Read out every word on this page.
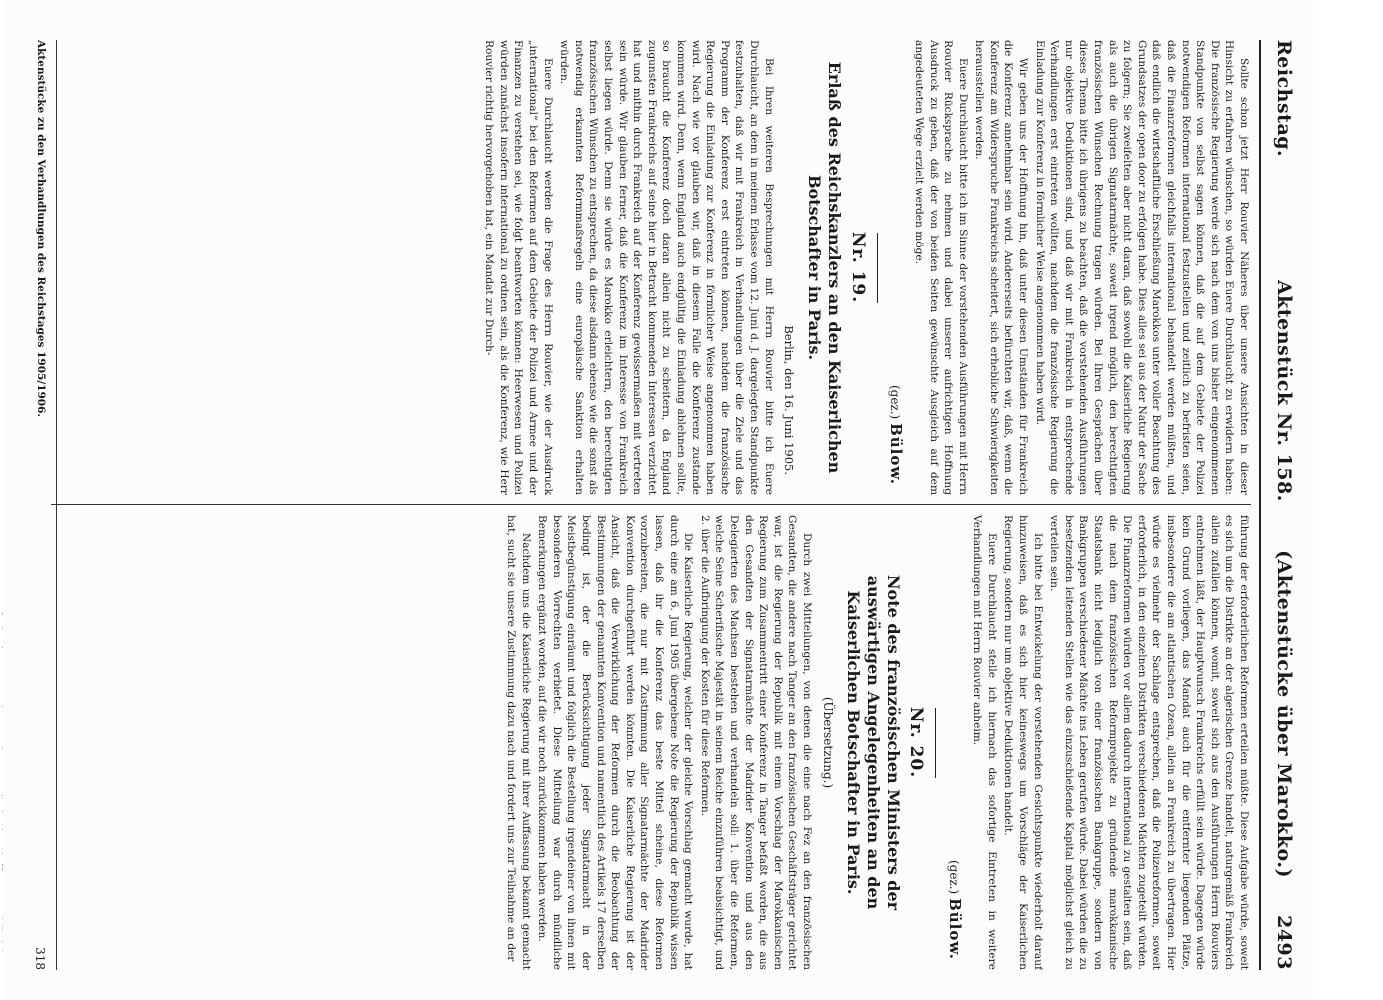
Reichstag.
Aktenstück Nr. 158.
(Aktenstücke über Marokko.) 2493

Sollte schon jetzt Herr Rouvier Näheres über unsere Ansichten in dieser Hinsicht zu erfahren wünschen, so würden Euere Durchlaucht zu erwidern haben: Die französische Regierung werde sich nach dem von uns bisher eingenommenen Standpunkte von selbst sagen können, daß die auf dem Gebiete der Polizei notwendigen Reformen international festzustellen und zeitlich zu befristen seien, daß die Finanzreformen gleichfalls international behandelt werden müßten, und daß endlich die wirtschaftliche Erschließung Marokkos unter voller Beachtung des Grundsatzes der open door zu erfolgen habe. Dies alles sei aus der Natur der Sache zu folgern; Sie zweifelten aber nicht daran, daß sowohl die Kaiserliche Regierung als auch die übrigen Signatarmächte, soweit irgend möglich, den berechtigten französischen Wünschen Rechnung tragen würden. Bei Ihren Gesprächen über dieses Thema bitte ich übrigens zu beachten, daß die vorstehenden Ausführungen nur objektive Deduktionen sind, und daß wir mit Frankreich in entsprechende Verhandlungen erst eintreten wollten, nachdem die französische Regierung die Einladung zur Konferenz in förmlicher Weise angenommen haben wird.

Wir geben uns der Hoffnung hin, daß unter diesen Umständen für Frankreich die Konferenz annehmbar sein wird. Andererseits befürchten wir, daß, wenn die Konferenz am Widerspruche Frankreichs scheitert, sich erhebliche Schwierigkeiten herausstellen werden.

Euere Durchlaucht bitte ich im Sinne der vorstehenden Ausführungen mit Herrn Rouvier Rücksprache zu nehmen und dabei unserer aufrichtigen Hoffnung Ausdruck zu geben, daß der von beiden Seiten gewünschte Ausgleich auf dem angedeuteten Wege erzielt werden möge.

(gez.) Bülow.
Nr. 19.
Erlaß des Reichskanzlers an den Kaiserlichen Botschafter in Paris.
Berlin, den 16. Juni 1905.

Bei Ihren weiteren Besprechungen mit Herrn Rouvier bitte ich Euere Durchlaucht, an dem in meinem Erlasse vom 12. Juni d. J. dargelegten Standpunkte festzuhalten, daß wir mit Frankreich in Verhandlungen über die Ziele und das Programm der Konferenz erst eintreten können, nachdem die französische Regierung die Einladung zur Konferenz in förmlicher Weise angenommen haben wird. Nach wie vor glauben wir, daß in diesem Falle die Konferenz zustande kommen wird. Denn, wenn England auch endgültig die Einladung ablehnen sollte, so braucht die Konferenz doch daran allein nicht zu scheitern, da England zugunsten Frankreichs auf seine hier in Betracht kommenden Interessen verzichtet hat und mithin durch Frankreich auf der Konferenz gewissermaßen mit vertreten sein würde. Wir glauben ferner, daß die Konferenz im Interesse von Frankreich selbst liegen würde. Denn sie würde es Marokko erleichtern, den berechtigten französischen Wünschen zu entsprechen, da diese alsdann ebenso wie die sonst als notwendig erkannten Reformmaßregeln eine europäische Sanktion erhalten würden.

Euere Durchlaucht werden die Frage des Herrn Rouvier, wie der Ausdruck „international“ bei den Reformen auf dem Gebiete der Polizei und Armee und der Finanzen zu verstehen sei, wie folgt beantworten können: Heerwesen und Polizei würden zunächst insofern international zu ordnen sein, als die Konferenz, wie Herr Rouvier richtig hervorgehoben hat, ein Mandat zur Durch-

führung der erforderlichen Reformen erteilen müßte. Diese Aufgabe würde, soweit es sich um die Distrikte an der algerischen Grenze handelt, naturgemäß Frankreich allein zufallen können, womit, soweit sich aus den Ausführungen Herrn Rouviers entnehmen läßt, der Hauptwunsch Frankreichs erfüllt sein würde. Dagegen würde kein Grund vorliegen, das Mandat auch für die entfernter liegenden Plätze, insbesondere die am atlantischen Ozean, allein an Frankreich zu übertragen. Hier würde es vielmehr der Sachlage entsprechen, daß die Polizeireformen, soweit erforderlich, in den einzelnen Distrikten verschiedenen Mächten zugeteilt würden. Die Finanzreformen würden vor allem dadurch international zu gestalten sein, daß die nach dem französischen Reformprojekte zu gründende marokkanische Staatsbank nicht lediglich von einer französischen Bankgruppe, sondern von Bankgruppen verschiedener Mächte ins Leben gerufen würde. Dabei würden die zu besetzenden leitenden Stellen wie das einzuschießende Kapital möglichst gleich zu verteilen sein.

Ich bitte bei Entwickelung der vorstehenden Gesichtspunkte wiederholt darauf hinzuweisen, daß es sich hier keineswegs um Vorschläge der Kaiserlichen Regierung, sondern nur um objektive Deduktionen handelt.

Euere Durchlaucht stelle ich hiernach das sofortige Eintreten in weitere Verhandlungen mit Herrn Rouvier anheim.

(gez.) Bülow.
Nr. 20.
Note des französischen Ministers der auswärtigen Angelegenheiten an den Kaiserlichen Botschafter in Paris.
(Übersetzung.)

Durch zwei Mitteilungen, von denen die eine nach Fez an den französischen Gesandten, die andere nach Tanger an den französischen Geschäftsträger gerichtet war, ist die Regierung der Republik mit einem Vorschlag der Marokkanischen Regierung zum Zusammentritt einer Konferenz in Tanger befaßt worden, die aus den Gesandten der Signatarmächte der Madrider Konvention und aus den Delegierten des Machsen bestehen und verhandeln soll: 1. über die Reformen, welche Seine Scherifische Majestät in seinem Reiche einzuführen beabsichtigt, und 2. über die Aufbringung der Kosten für diese Reformen.

Die Kaiserliche Regierung, welcher der gleiche Vorschlag gemacht wurde, hat durch eine am 6. Juni 1905 übergebene Note die Regierung der Republik wissen lassen, daß ihr die Konferenz das beste Mittel scheine, diese Reformen vorzubereiten, die nur mit Zustimmung aller Signatarmächte der Madrider Konvention durchgeführt werden könnten. Die Kaiserliche Regierung ist der Ansicht, daß die Verwirklichung der Reformen durch die Beobachtung der Bestimmungen der genannten Konvention und namentlich des Artikels 17 derselben bedingt ist, der die Berücksichtigung jeder Signatarmacht in der Meistbegünstigung einräumt und folglich die Bestellung irgendeiner von ihnen mit besonderen Vorrechten verbietet. Diese Mitteilung war durch mündliche Bemerkungen ergänzt worden, auf die wir noch zurückkommen haben werden.

Nachdem uns die Kaiserliche Regierung mit ihrer Auffassung bekannt gemacht hat, sucht sie unsere Zustimmung dazu nach und fordert uns zur Teilnahme an der

Aktenstücke zu den Verhandlungen des Reichstages 1905/1906.
318
